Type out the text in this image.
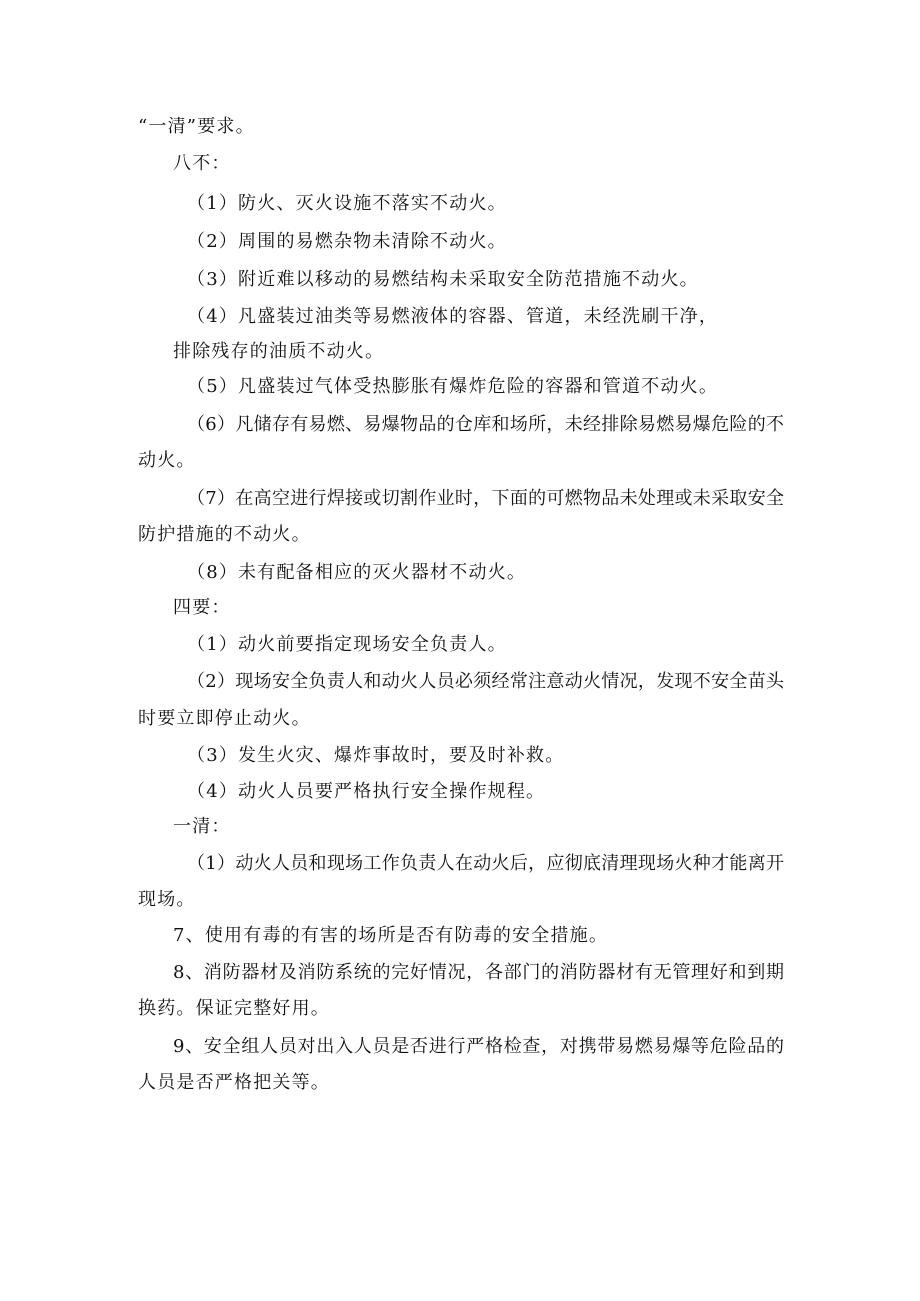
“一清”要求。
八不：
（1）防火、灭火设施不落实不动火。
（2）周围的易燃杂物未清除不动火。
（3）附近难以移动的易燃结构未采取安全防范措施不动火。
（4）凡盛装过油类等易燃液体的容器、管道，未经洗刷干净，
排除残存的油质不动火。
（5）凡盛装过气体受热膨胀有爆炸危险的容器和管道不动火。
（6）凡储存有易燃、易爆物品的仓库和场所，未经排除易燃易爆危险的不
动火。
（7）在高空进行焊接或切割作业时，下面的可燃物品未处理或未采取安全
防护措施的不动火。
（8）未有配备相应的灭火器材不动火。
四要：
（1）动火前要指定现场安全负责人。
（2）现场安全负责人和动火人员必须经常注意动火情况，发现不安全苗头
时要立即停止动火。
（3）发生火灾、爆炸事故时，要及时补救。
（4）动火人员要严格执行安全操作规程。
一清：
（1）动火人员和现场工作负责人在动火后，应彻底清理现场火种才能离开
现场。
7、使用有毒的有害的场所是否有防毒的安全措施。
8、消防器材及消防系统的完好情况，各部门的消防器材有无管理好和到期
换药。保证完整好用。
9、安全组人员对出入人员是否进行严格检查，对携带易燃易爆等危险品的
人员是否严格把关等。
